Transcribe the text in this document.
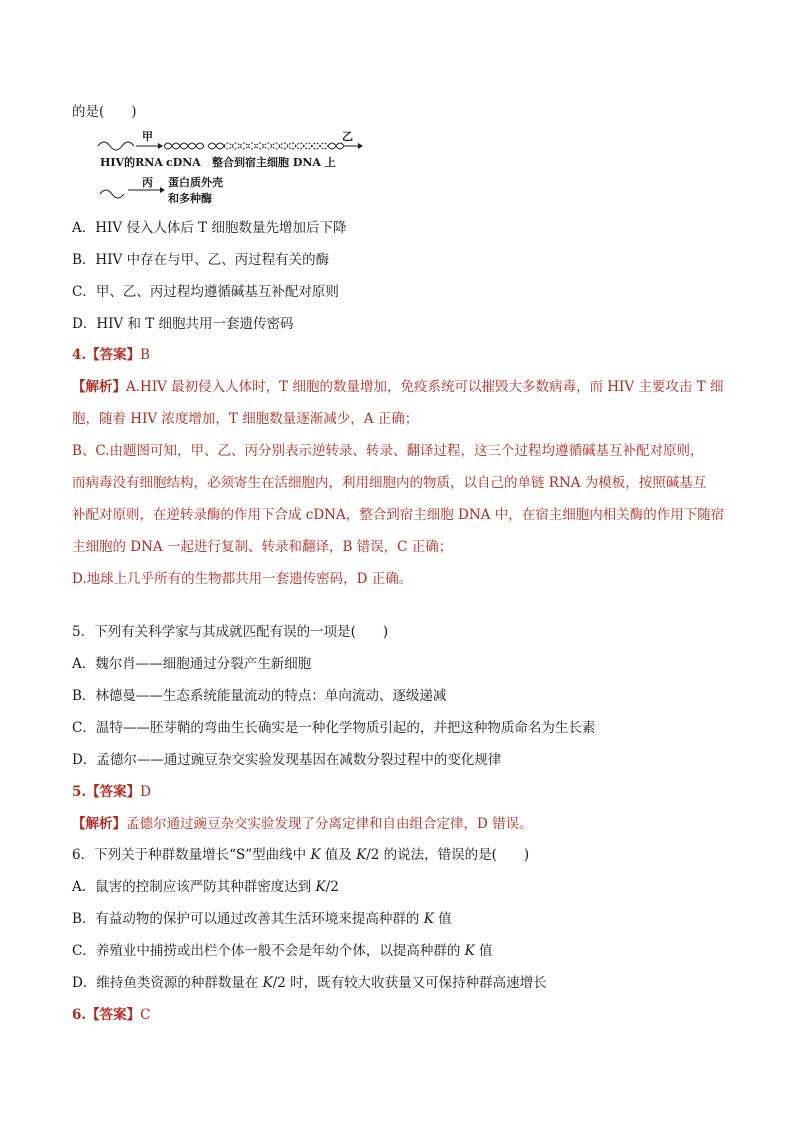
的是(　　)
甲	乙
HIV的RNA cDNA 整合到宿主细胞 DNA 上
丙 蛋白质外壳
和多种酶
A．HIV 侵入人体后 T 细胞数量先增加后下降
B．HIV 中存在与甲、乙、丙过程有关的酶
C．甲、乙、丙过程均遵循碱基互补配对原则
D．HIV 和 T 细胞共用一套遗传密码
4.【答案】B
【解析】A.HIV 最初侵入人体时，T 细胞的数量增加，免疫系统可以摧毁大多数病毒，而 HIV 主要攻击 T 细
胞，随着 HIV 浓度增加，T 细胞数量逐渐减少，A 正确；
B、C.由题图可知，甲、乙、丙分别表示逆转录、转录、翻译过程，这三个过程均遵循碱基互补配对原则，
而病毒没有细胞结构，必须寄生在活细胞内，利用细胞内的物质，以自己的单链 RNA 为模板，按照碱基互
补配对原则，在逆转录酶的作用下合成 cDNA，整合到宿主细胞 DNA 中，在宿主细胞内相关酶的作用下随宿
主细胞的 DNA 一起进行复制、转录和翻译，B 错误，C 正确；
D.地球上几乎所有的生物都共用一套遗传密码，D 正确。
5．下列有关科学家与其成就匹配有误的一项是(　　)
A．魏尔肖——细胞通过分裂产生新细胞
B．林德曼——生态系统能量流动的特点：单向流动、逐级递减
C．温特——胚芽鞘的弯曲生长确实是一种化学物质引起的，并把这种物质命名为生长素
D．孟德尔——通过豌豆杂交实验发现基因在减数分裂过程中的变化规律
5.【答案】D
【解析】孟德尔通过豌豆杂交实验发现了分离定律和自由组合定律，D 错误。
6．下列关于种群数量增长“S”型曲线中 K 值及 K/2 的说法，错误的是(　　)
A．鼠害的控制应该严防其种群密度达到 K/2
B．有益动物的保护可以通过改善其生活环境来提高种群的 K 值
C．养殖业中捕捞或出栏个体一般不会是年幼个体，以提高种群的 K 值
D．维持鱼类资源的种群数量在 K/2 时，既有较大收获量又可保持种群高速增长
6.【答案】C
